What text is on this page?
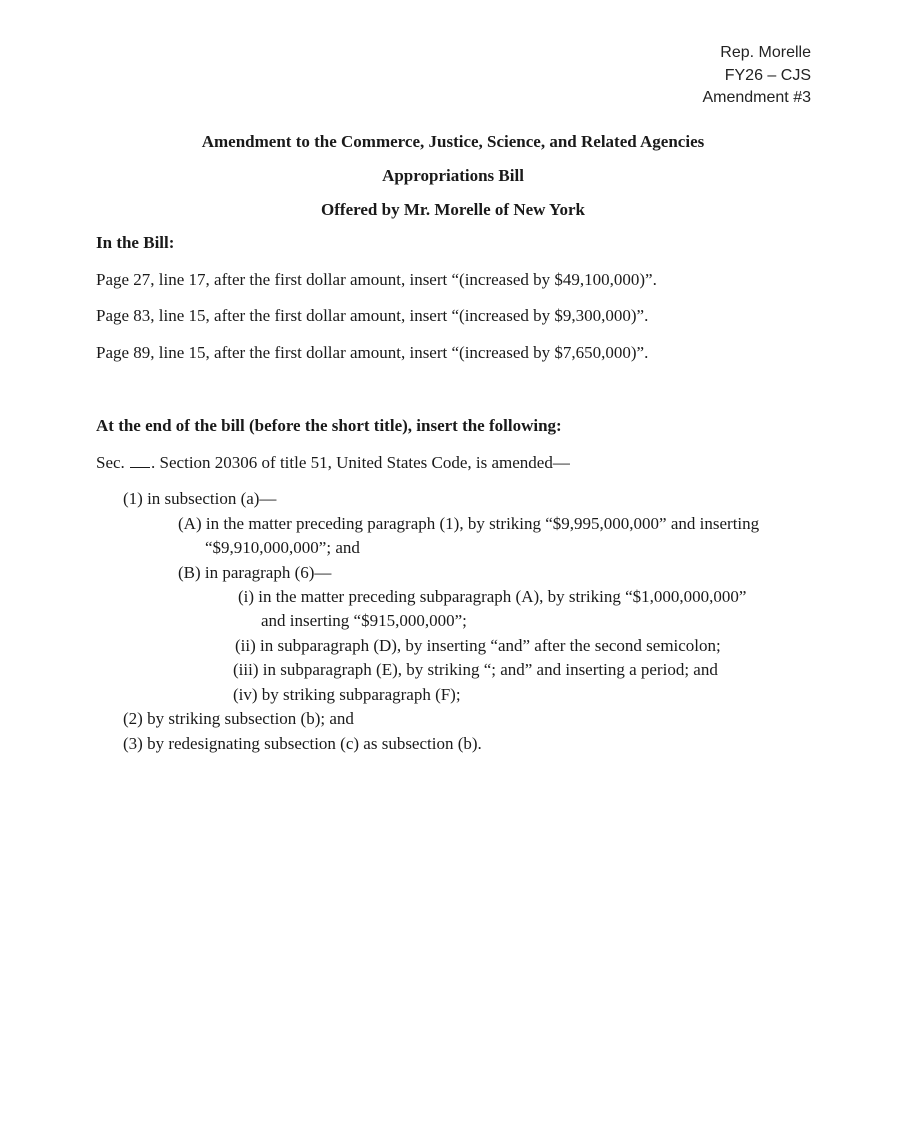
Rep. Morelle
FY26 – CJS
Amendment #3
Amendment to the Commerce, Justice, Science, and Related Agencies
Appropriations Bill
Offered by Mr. Morelle of New York
In the Bill:
Page 27, line 17, after the first dollar amount, insert “(increased by $49,100,000)”.
Page 83, line 15, after the first dollar amount, insert “(increased by $9,300,000)”.
Page 89, line 15, after the first dollar amount, insert “(increased by $7,650,000)”.
At the end of the bill (before the short title), insert the following:
Sec. . Section 20306 of title 51, United States Code, is amended—
(1) in subsection (a)—
(A) in the matter preceding paragraph (1), by striking “$9,995,000,000” and inserting
“$9,910,000,000”; and
(B) in paragraph (6)—
(i) in the matter preceding subparagraph (A), by striking “$1,000,000,000”
and inserting “$915,000,000”;
(ii) in subparagraph (D), by inserting “and” after the second semicolon;
(iii) in subparagraph (E), by striking “; and” and inserting a period; and
(iv) by striking subparagraph (F);
(2) by striking subsection (b); and
(3) by redesignating subsection (c) as subsection (b).
